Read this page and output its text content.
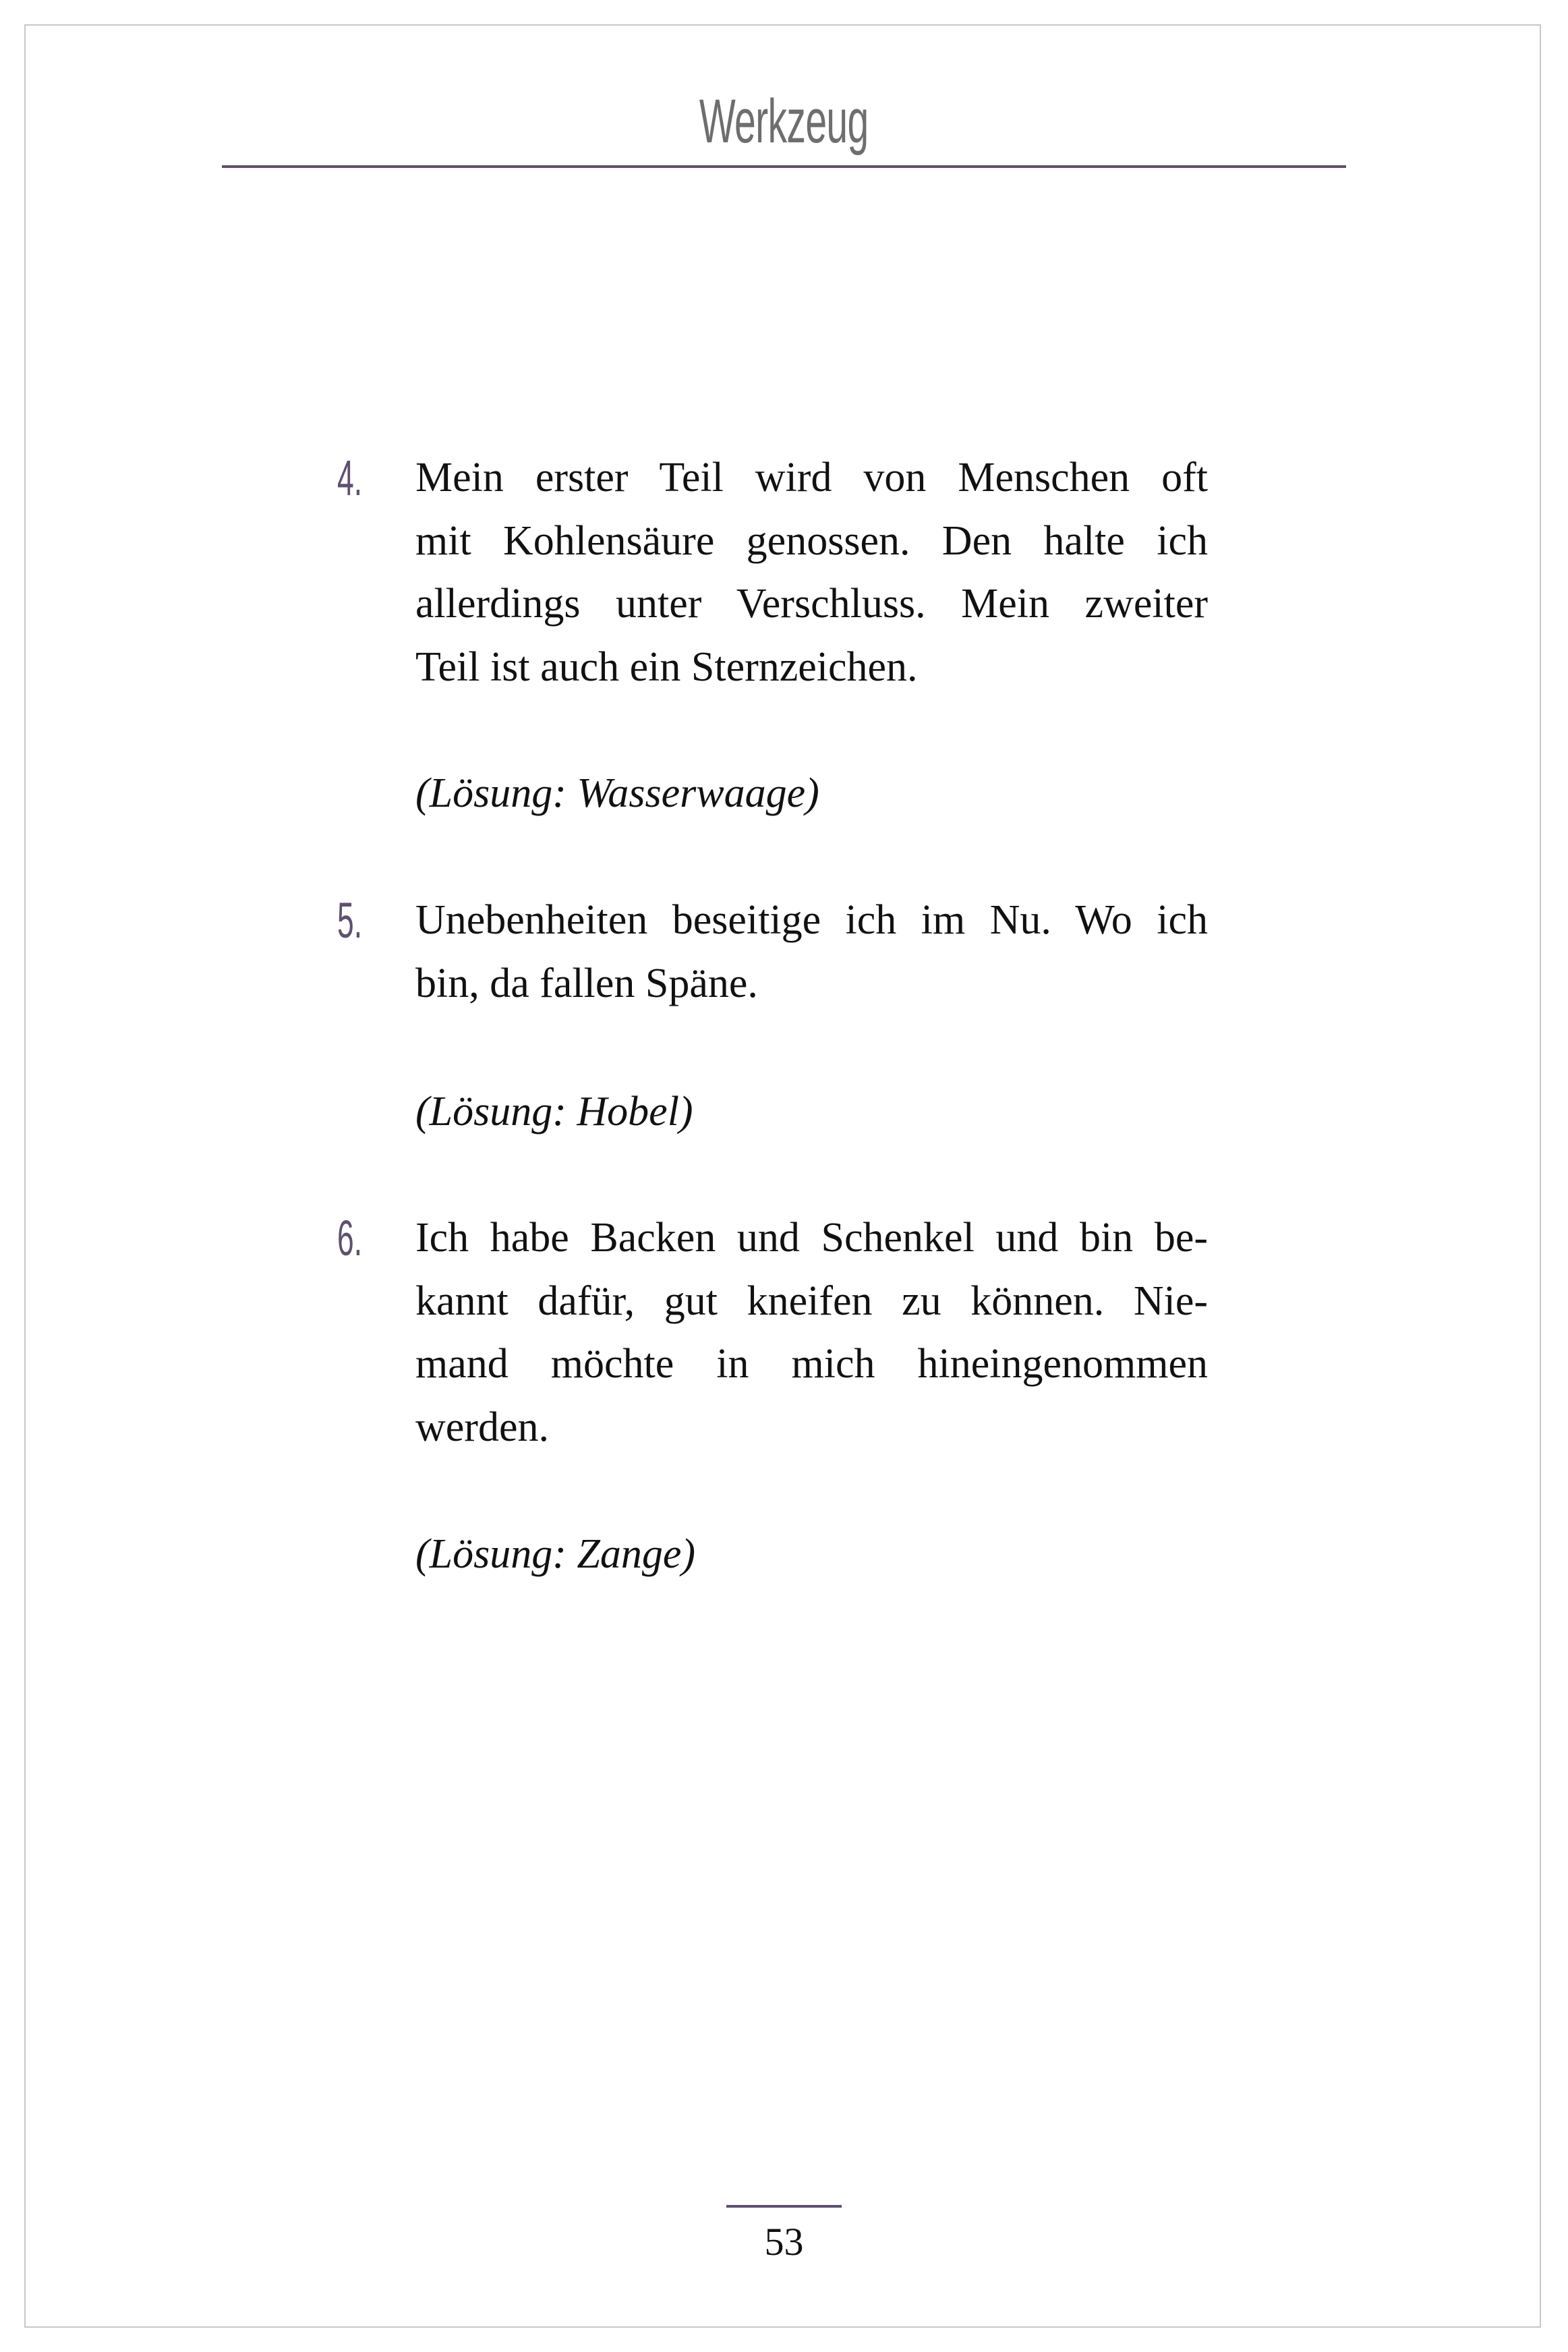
Werkzeug
4.	Mein erster Teil wird von Menschen oft
mit Kohlensäure genossen. Den halte ich
allerdings unter Verschluss. Mein zweiter
Teil ist auch ein Sternzeichen.
(Lösung: Wasserwaage)
5.	Unebenheiten beseitige ich im Nu. Wo ich
bin, da fallen Späne.
(Lösung: Hobel)
6.	Ich habe Backen und Schenkel und bin be-
kannt dafür, gut kneifen zu können. Nie-
mand möchte in mich hineingenommen
werden.
(Lösung: Zange)
53
